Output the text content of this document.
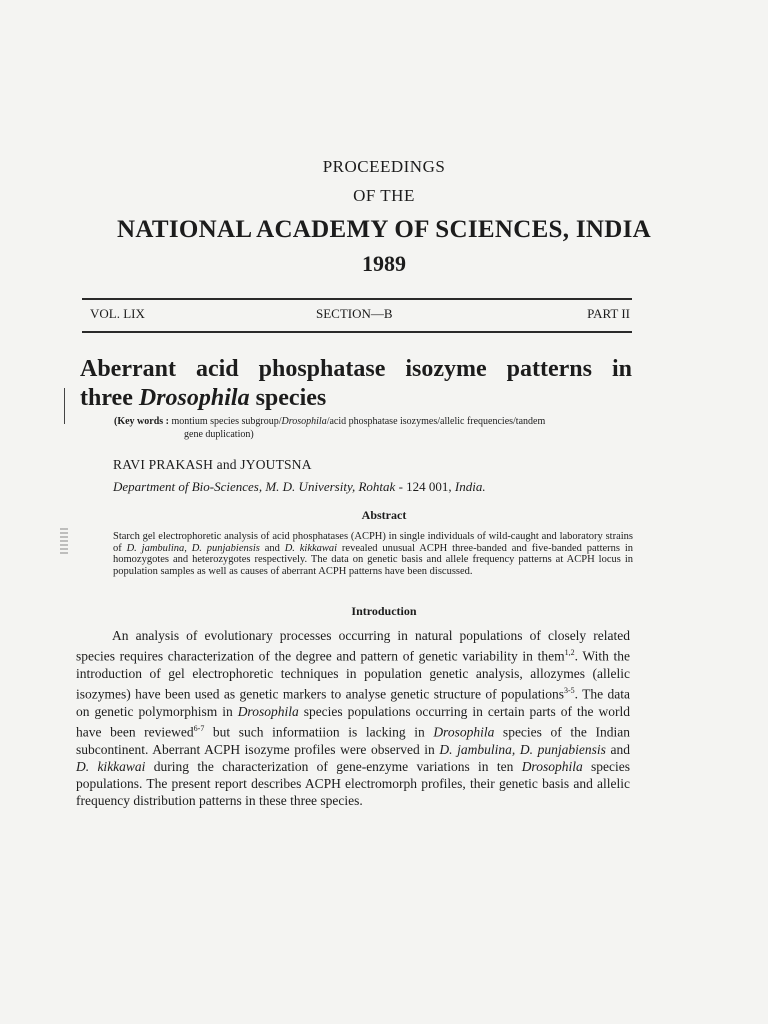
PROCEEDINGS
OF THE
NATIONAL ACADEMY OF SCIENCES, INDIA
1989
VOL. LIX	SECTION—B	PART II
Aberrant acid phosphatase isozyme patterns in
three Drosophila species
(Key words : montium species subgroup/Drosophila/acid phosphatase isozymes/allelic frequencies/tandem
gene duplication)
RAVI PRAKASH and JYOUTSNA
Department of Bio-Sciences, M. D. University, Rohtak - 124 001, India.
Abstract
Starch gel electrophoretic analysis of acid phosphatases (ACPH) in single individuals of wild-caught and laboratory strains of D. jambulina, D. punjabiensis and D. kikkawai revealed unusual ACPH three-banded and five-banded patterns in homozygotes and heterozygotes respectively. The data on genetic basis and allele frequency patterns at ACPH locus in population samples as well as causes of aberrant ACPH patterns have been discussed.
Introduction

An analysis of evolutionary processes occurring in natural populations of closely related species requires characterization of the degree and pattern of genetic variability in them$^{1,2}$. With the introduction of gel electrophoretic techniques in population genetic analysis, allozymes (allelic isozymes) have been used as genetic markers to analyse genetic structure of populations$^{3-5}$. The data on genetic polymorphism in Drosophila species populations occurring in certain parts of the world have been reviewed$^{6-7}$ but such informatiion is lacking in Drosophila species of the Indian subcontinent. Aberrant ACPH isozyme profiles were observed in D. jambulina, D. punjabiensis and D. kikkawai during the characterization of gene-enzyme variations in ten Drosophila species populations. The present report describes ACPH electromorph profiles, their genetic basis and allelic frequency distribution patterns in these three species.
